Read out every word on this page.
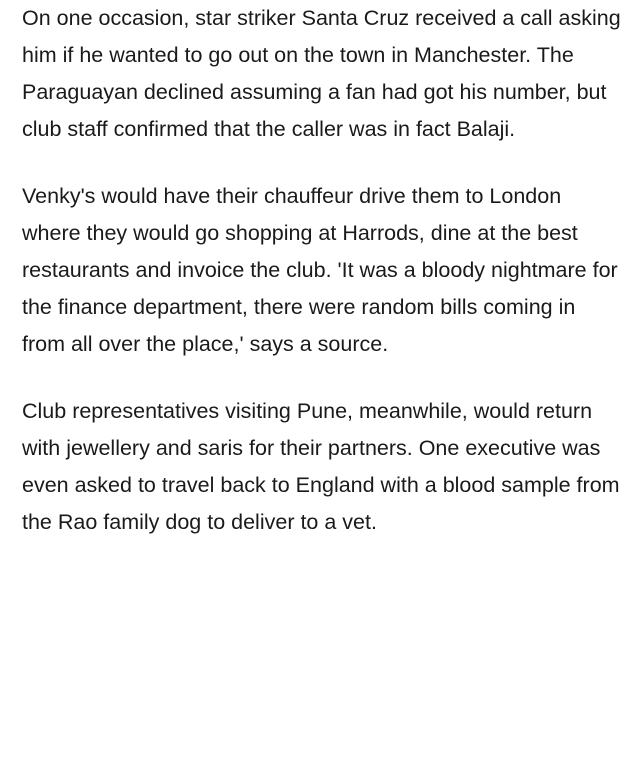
On one occasion, star striker Santa Cruz received a call asking him if he wanted to go out on the town in Manchester. The Paraguayan declined assuming a fan had got his number, but club staff confirmed that the caller was in fact Balaji.

Venky's would have their chauffeur drive them to London where they would go shopping at Harrods, dine at the best restaurants and invoice the club. 'It was a bloody nightmare for the finance department, there were random bills coming in from all over the place,' says a source.

Club representatives visiting Pune, meanwhile, would return with jewellery and saris for their partners. One executive was even asked to travel back to England with a blood sample from the Rao family dog to deliver to a vet.
